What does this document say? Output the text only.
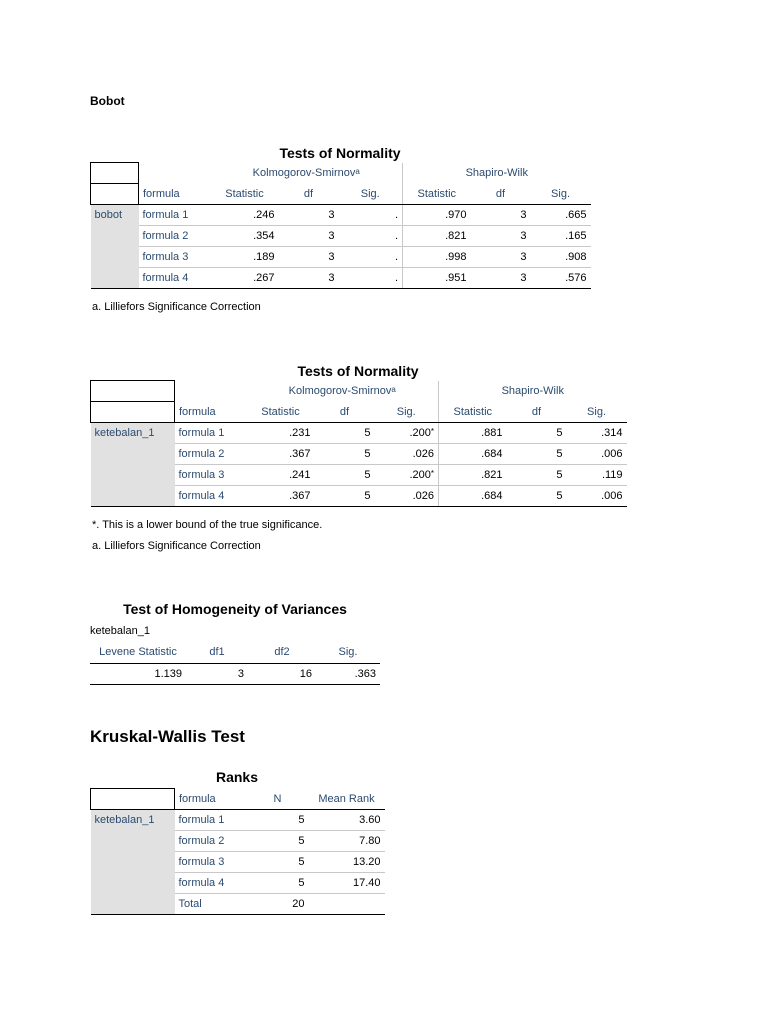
Bobot
Tests of Normality
		Kolmogorov-Smirnov$^a$			Shapiro-Wilk		
	formula	Statistic	df	Sig.	Statistic	df	Sig.
bobot	formula 1	.246	3	.	.970	3	.665
	formula 2	.354	3	.	.821	3	.165
	formula 3	.189	3	.	.998	3	.908
	formula 4	.267	3	.	.951	3	.576
a. Lilliefors Significance Correction
Tests of Normality
		Kolmogorov-Smirnov$^a$			Shapiro-Wilk		
	formula	Statistic	df	Sig.	Statistic	df	Sig.
ketebalan_1	formula 1	.231	5	.200*	.881	5	.314
	formula 2	.367	5	.026	.684	5	.006
	formula 3	.241	5	.200*	.821	5	.119
	formula 4	.367	5	.026	.684	5	.006
*. This is a lower bound of the true significance.
a. Lilliefors Significance Correction
Test of Homogeneity of Variances
ketebalan_1
Levene Statistic	df1	df2	Sig.
1.139	3	16	.363
Kruskal-Wallis Test
Ranks
	formula	N	Mean Rank
ketebalan_1	formula 1	5	3.60
	formula 2	5	7.80
	formula 3	5	13.20
	formula 4	5	17.40
	Total	20	
